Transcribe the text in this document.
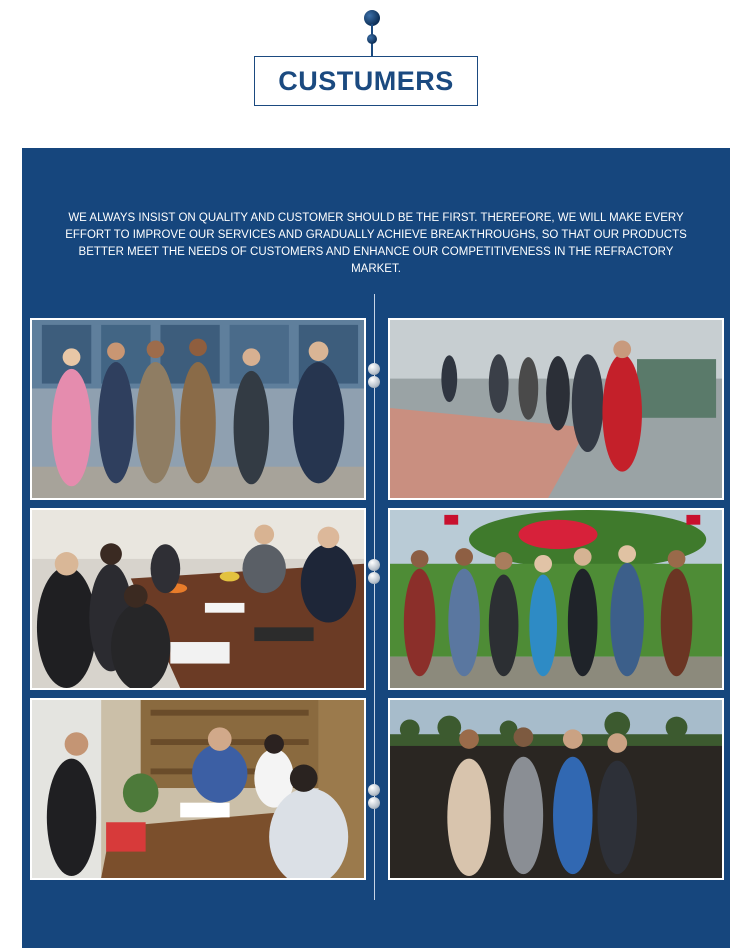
CUSTUMERS
WE ALWAYS INSIST ON QUALITY AND CUSTOMER SHOULD BE THE FIRST. THEREFORE, WE WILL MAKE EVERY EFFORT TO IMPROVE OUR SERVICES AND GRADUALLY ACHIEVE BREAKTHROUGHS, SO THAT OUR PRODUCTS BETTER MEET THE NEEDS OF CUSTOMERS AND ENHANCE OUR COMPETITIVENESS IN THE REFRACTORY MARKET.
